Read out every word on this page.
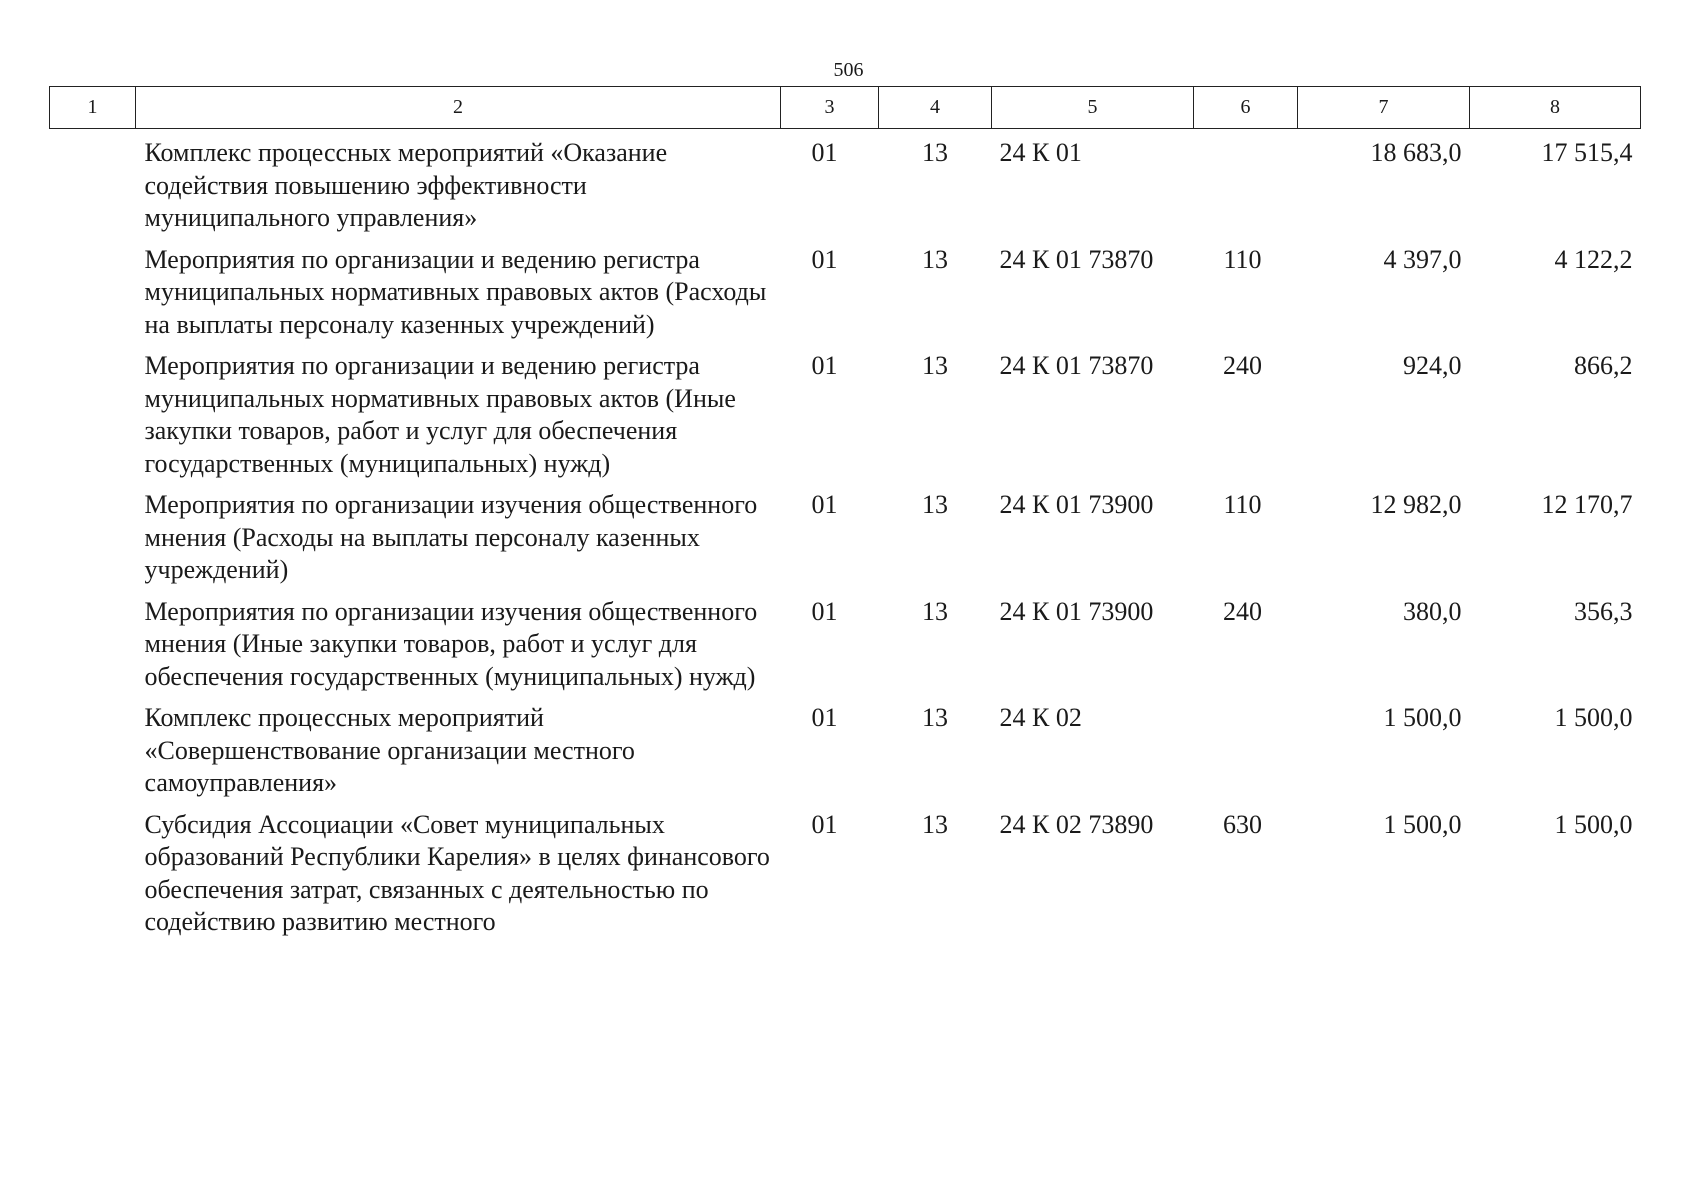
506
1	2	3	4	5	6	7	8
	Комплекс процессных мероприятий «Оказание содействия повышению эффективности муниципального управления»	01	13	24 К 01		18 683,0	17 515,4
	Мероприятия по организации и ведению регистра муниципальных нормативных правовых актов (Расходы на выплаты персоналу казенных учреждений)	01	13	24 К 01 73870	110	4 397,0	4 122,2
	Мероприятия по организации и ведению регистра муниципальных нормативных правовых актов (Иные закупки товаров, работ и услуг для обеспечения государственных (муниципальных) нужд)	01	13	24 К 01 73870	240	924,0	866,2
	Мероприятия по организации изучения общественного мнения (Расходы на выплаты персоналу казенных учреждений)	01	13	24 К 01 73900	110	12 982,0	12 170,7
	Мероприятия по организации изучения общественного мнения (Иные закупки товаров, работ и услуг для обеспечения государственных (муниципальных) нужд)	01	13	24 К 01 73900	240	380,0	356,3
	Комплекс процессных мероприятий «Совершенствование организации местного самоуправления»	01	13	24 К 02		1 500,0	1 500,0
	Субсидия Ассоциации «Совет муниципальных образований Республики Карелия» в целях финансового обеспечения затрат, связанных с деятельностью по содействию развитию местного	01	13	24 К 02 73890	630	1 500,0	1 500,0
